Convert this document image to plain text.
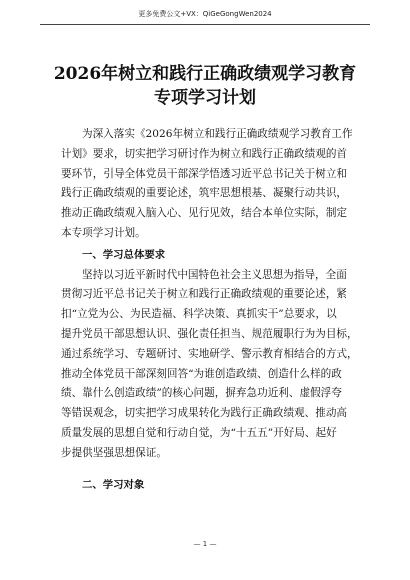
更多免费公文+VX：QiGeGongWen2024
2026年树立和践行正确政绩观学习教育
专项学习计划
为深入落实《2026年树立和践行正确政绩观学习教育工作
计划》要求，切实把学习研讨作为树立和践行正确政绩观的首
要环节，引导全体党员干部深学悟透习近平总书记关于树立和
践行正确政绩观的重要论述，筑牢思想根基、凝聚行动共识，
推动正确政绩观入脑入心、见行见效，结合本单位实际，制定
本专项学习计划。
一、学习总体要求
坚持以习近平新时代中国特色社会主义思想为指导，全面
贯彻习近平总书记关于树立和践行正确政绩观的重要论述，紧
扣“立党为公、为民造福、科学决策、真抓实干”总要求，以
提升党员干部思想认识、强化责任担当、规范履职行为为目标，
通过系统学习、专题研讨、实地研学、警示教育相结合的方式，
推动全体党员干部深刻回答“为谁创造政绩、创造什么样的政
绩、靠什么创造政绩”的核心问题，摒弃急功近利、虚假浮夸
等错误观念，切实把学习成果转化为践行正确政绩观、推动高
质量发展的思想自觉和行动自觉，为“十五五”开好局、起好
步提供坚强思想保证。
二、学习对象
— 1 —
